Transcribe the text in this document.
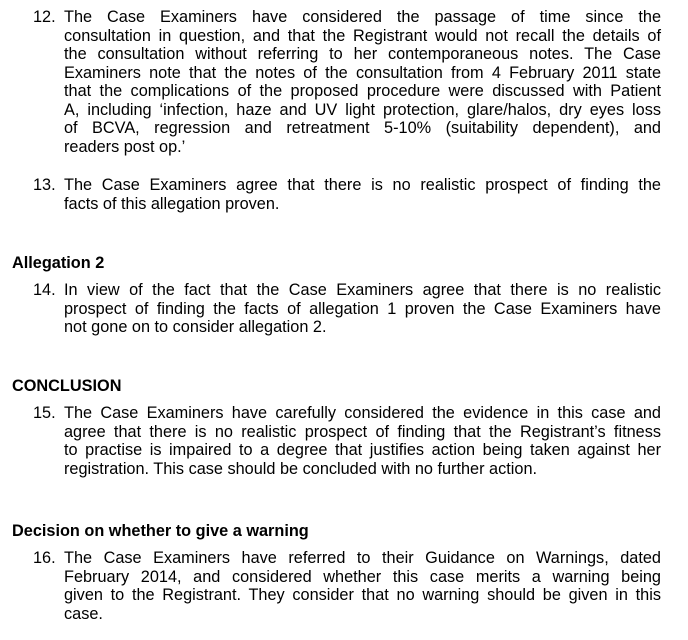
12. The Case Examiners have considered the passage of time since the
consultation in question, and that the Registrant would not recall the details of
the consultation without referring to her contemporaneous notes. The Case
Examiners note that the notes of the consultation from 4 February 2011 state
that the complications of the proposed procedure were discussed with Patient
A, including ‘infection, haze and UV light protection, glare/halos, dry eyes loss
of BCVA, regression and retreatment 5-10% (suitability dependent), and
readers post op.’
13. The Case Examiners agree that there is no realistic prospect of finding the
facts of this allegation proven.
Allegation 2
14. In view of the fact that the Case Examiners agree that there is no realistic
prospect of finding the facts of allegation 1 proven the Case Examiners have
not gone on to consider allegation 2.
CONCLUSION
15. The Case Examiners have carefully considered the evidence in this case and
agree that there is no realistic prospect of finding that the Registrant’s fitness
to practise is impaired to a degree that justifies action being taken against her
registration. This case should be concluded with no further action.
Decision on whether to give a warning
16. The Case Examiners have referred to their Guidance on Warnings, dated
February 2014, and considered whether this case merits a warning being
given to the Registrant. They consider that no warning should be given in this
case.
